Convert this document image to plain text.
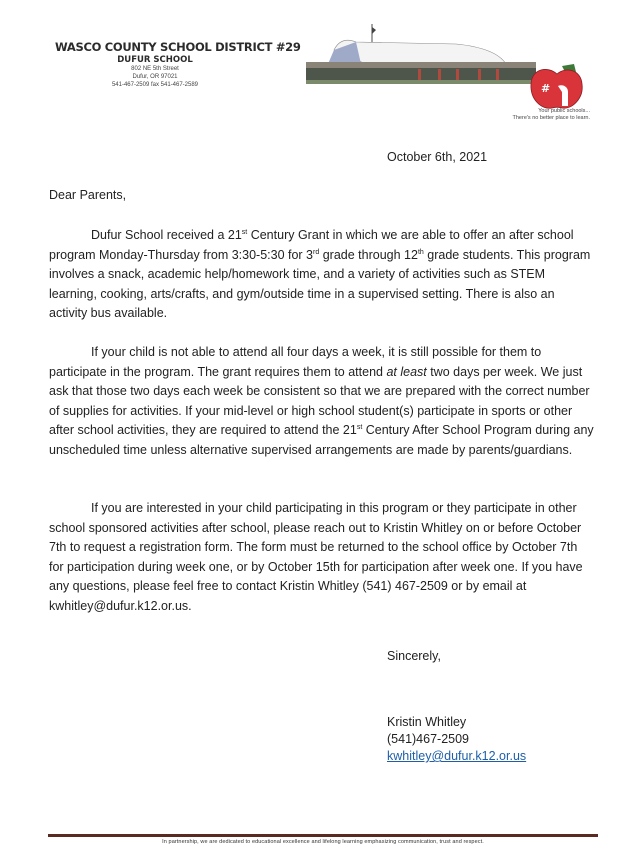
WASCO COUNTY SCHOOL DISTRICT #29
DUFUR SCHOOL
802 NE 5th Street
Dufur, OR 97021
541-467-2509 fax 541-467-2589	#
Your public schools...
There's no better place to learn.
October 6th, 2021
Dear Parents,

Dufur School received a 21st Century Grant in which we are able to offer an after school program Monday-Thursday from 3:30-5:30 for 3rd grade through 12th grade students. This program involves a snack, academic help/homework time, and a variety of activities such as STEM learning, cooking, arts/crafts, and gym/outside time in a supervised setting. There is also an activity bus available.

If your child is not able to attend all four days a week, it is still possible for them to participate in the program. The grant requires them to attend at least two days per week. We just ask that those two days each week be consistent so that we are prepared with the correct number of supplies for activities. If your mid-level or high school student(s) participate in sports or other after school activities, they are required to attend the 21st Century After School Program during any unscheduled time unless alternative supervised arrangements are made by parents/guardians.

If you are interested in your child participating in this program or they participate in other school sponsored activities after school, please reach out to Kristin Whitley on or before October 7th to request a registration form. The form must be returned to the school office by October 7th for participation during week one, or by October 15th for participation after week one. If you have any questions, please feel free to contact Kristin Whitley (541) 467-2509 or by email at kwhitley@dufur.k12.or.us.

Sincerely,
Kristin Whitley
(541)467-2509
kwhitley@dufur.k12.or.us
In partnership, we are dedicated to educational excellence and lifelong learning emphasizing communication, trust and respect.
